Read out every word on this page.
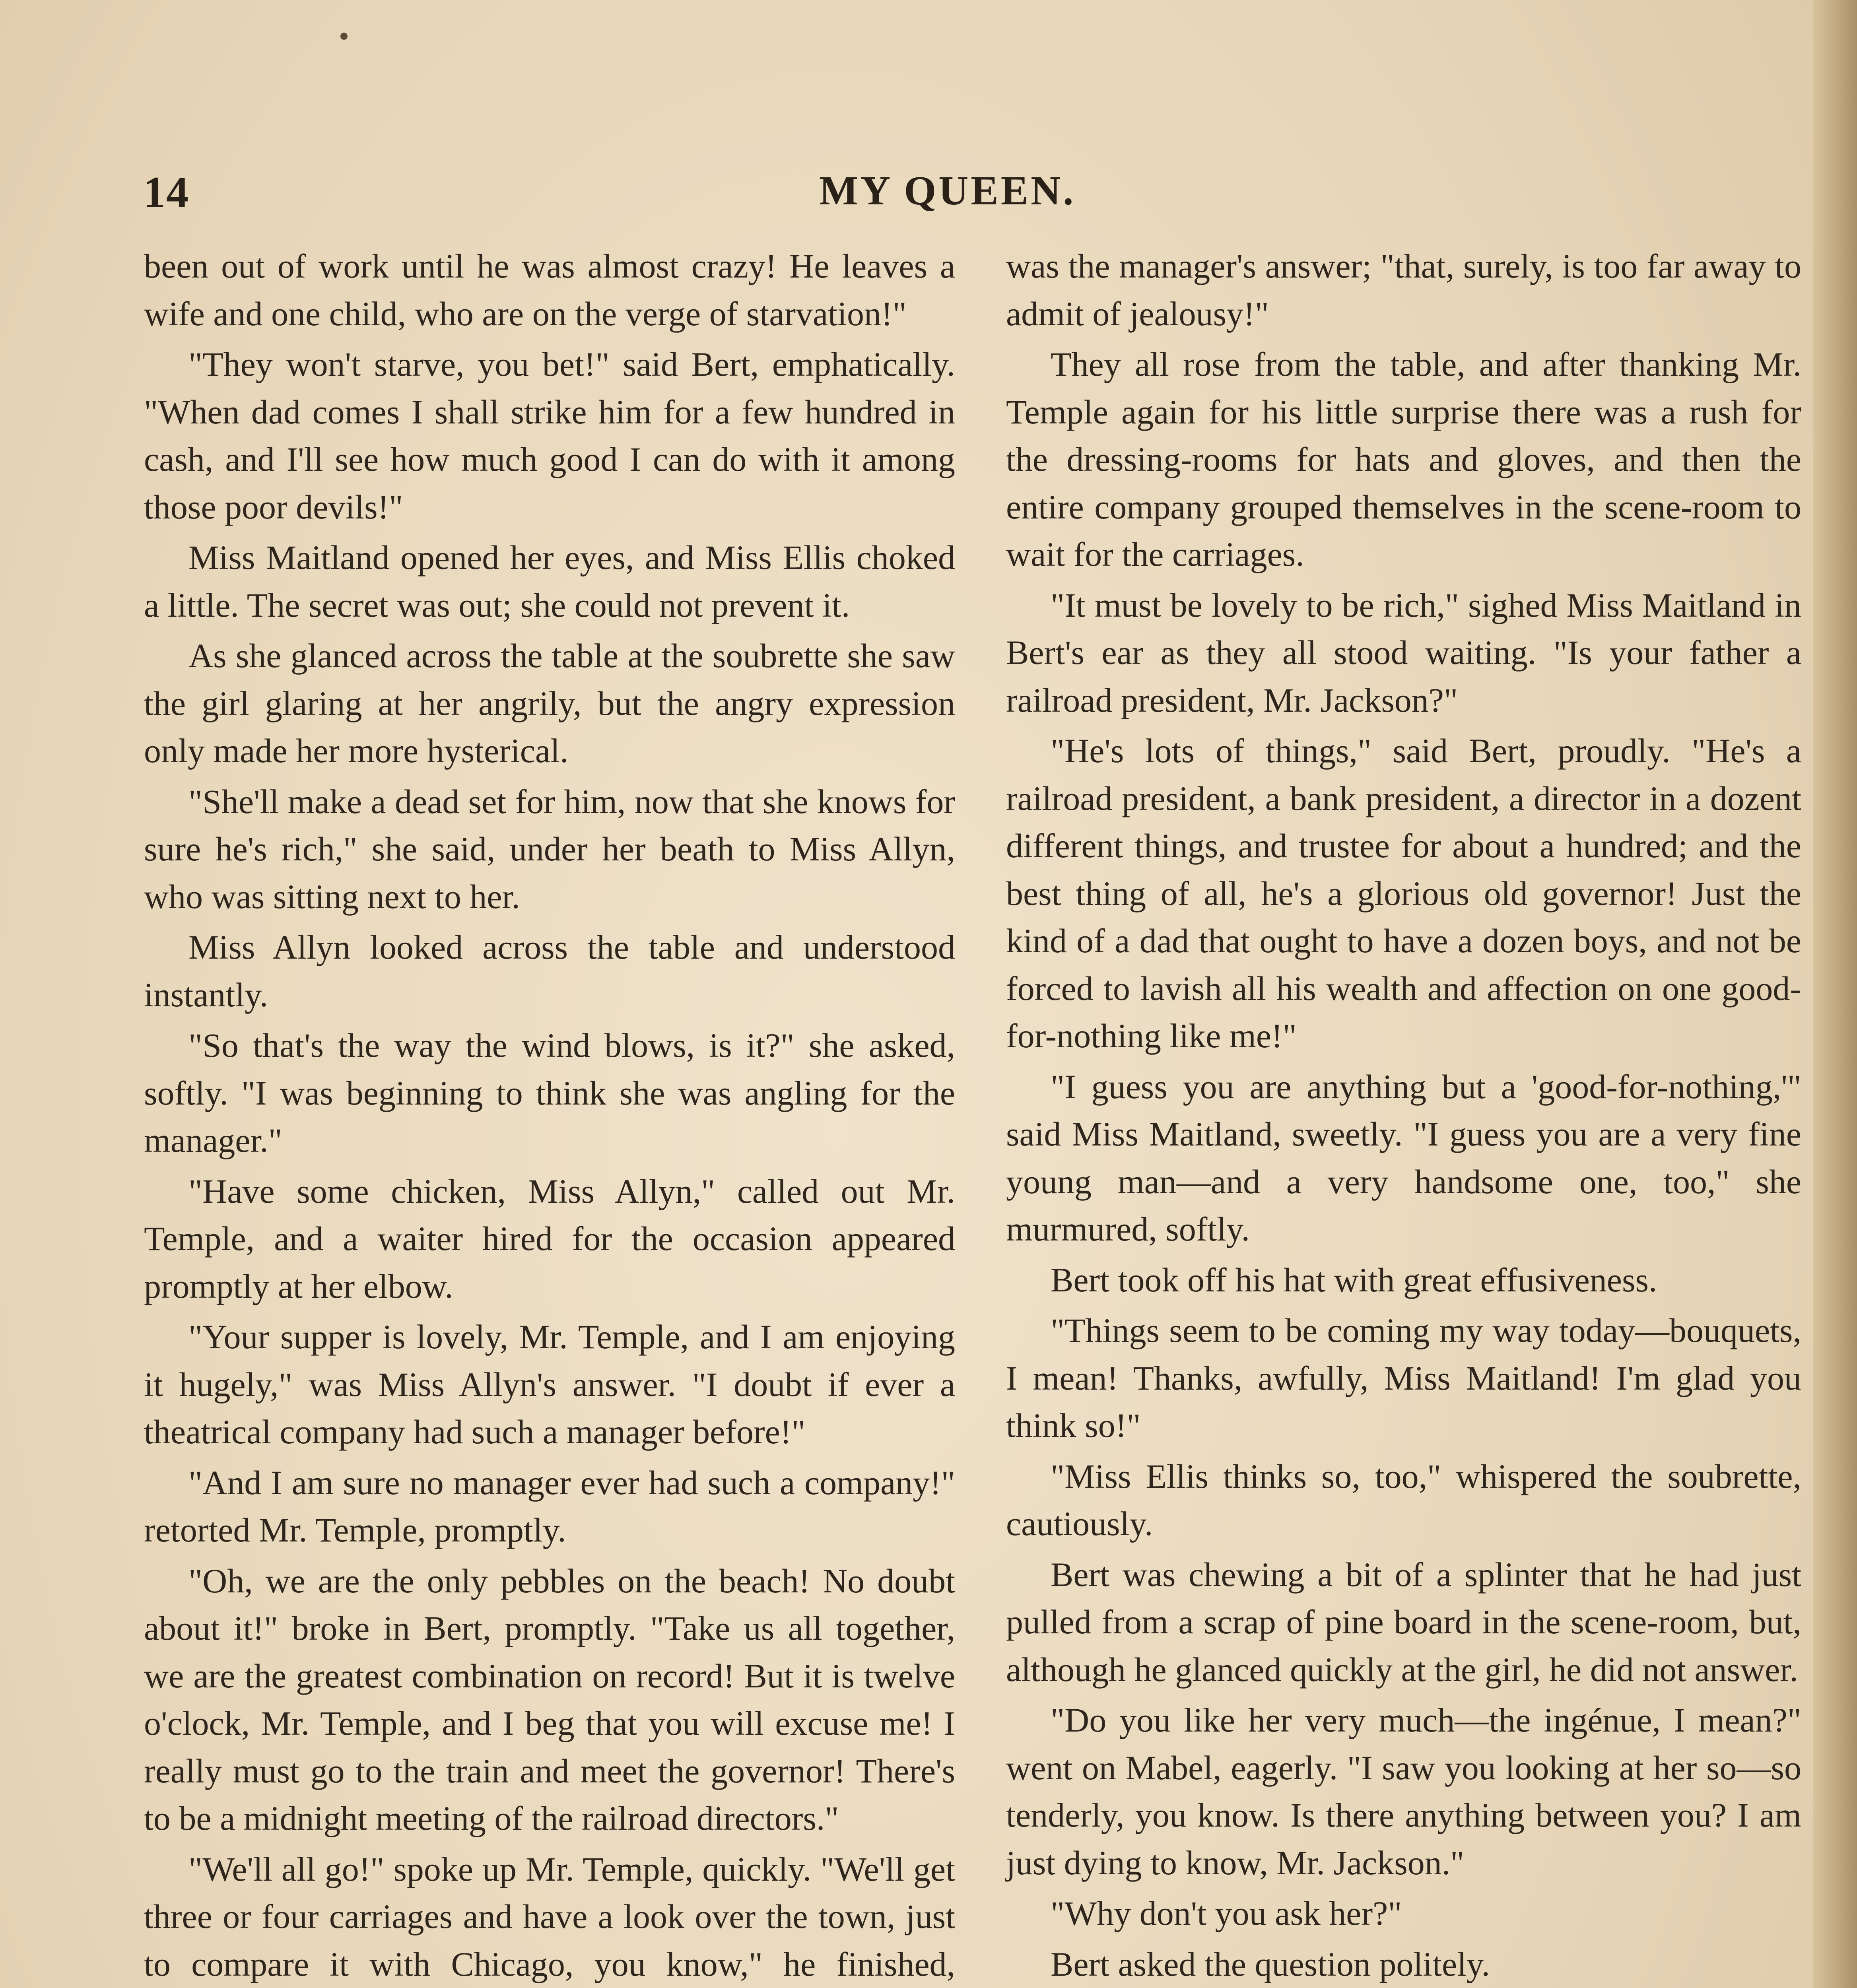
14	MY QUEEN.

been out of work until he was almost crazy! He leaves a wife and one child, who are on the verge of starvation!"

"They won't starve, you bet!" said Bert, emphatically. "When dad comes I shall strike him for a few hundred in cash, and I'll see how much good I can do with it among those poor devils!"

Miss Maitland opened her eyes, and Miss Ellis choked a little. The secret was out; she could not prevent it.

As she glanced across the table at the soubrette she saw the girl glaring at her angrily, but the angry expression only made her more hysterical.

"She'll make a dead set for him, now that she knows for sure he's rich," she said, under her beath to Miss Allyn, who was sitting next to her.

Miss Allyn looked across the table and understood instantly.

"So that's the way the wind blows, is it?" she asked, softly. "I was beginning to think she was angling for the manager."

"Have some chicken, Miss Allyn," called out Mr. Temple, and a waiter hired for the occasion appeared promptly at her elbow.

"Your supper is lovely, Mr. Temple, and I am enjoying it hugely," was Miss Allyn's answer. "I doubt if ever a theatrical company had such a manager before!"

"And I am sure no manager ever had such a company!" retorted Mr. Temple, promptly.

"Oh, we are the only pebbles on the beach! No doubt about it!" broke in Bert, promptly. "Take us all together, we are the greatest combination on record! But it is twelve o'clock, Mr. Temple, and I beg that you will excuse me! I really must go to the train and meet the governor! There's to be a midnight meeting of the railroad directors."

"We'll all go!" spoke up Mr. Temple, quickly. "We'll get three or four carriages and have a look over the town, just to compare it with Chicago, you know," he finished,

was the manager's answer; "that, surely, is too far away to admit of jealousy!"

They all rose from the table, and after thanking Mr. Temple again for his little surprise there was a rush for the dressing-rooms for hats and gloves, and then the entire company grouped themselves in the scene-room to wait for the carriages.

"It must be lovely to be rich," sighed Miss Maitland in Bert's ear as they all stood waiting. "Is your father a railroad president, Mr. Jackson?"

"He's lots of things," said Bert, proudly. "He's a railroad president, a bank president, a director in a dozent different things, and trustee for about a hundred; and the best thing of all, he's a glorious old governor! Just the kind of a dad that ought to have a dozen boys, and not be forced to lavish all his wealth and affection on one good-for-nothing like me!"

"I guess you are anything but a 'good-for-nothing,'" said Miss Maitland, sweetly. "I guess you are a very fine young man—and a very handsome one, too," she murmured, softly.

Bert took off his hat with great effusiveness.

"Things seem to be coming my way today—bouquets, I mean! Thanks, awfully, Miss Maitland! I'm glad you think so!"

"Miss Ellis thinks so, too," whispered the soubrette, cautiously.

Bert was chewing a bit of a splinter that he had just pulled from a scrap of pine board in the scene-room, but, although he glanced quickly at the girl, he did not answer.

"Do you like her very much—the ingénue, I mean?" went on Mabel, eagerly. "I saw you looking at her so—so tenderly, you know. Is there anything between you? I am just dying to know, Mr. Jackson."

"Why don't you ask her?"

Bert asked the question politely.
